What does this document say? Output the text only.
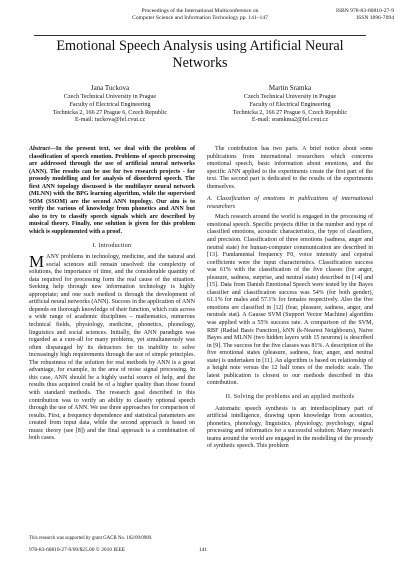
Proceedings of the International Multiconference on
Computer Science and Information Technology pp. 141–147
ISBN 978-83-60810-27-9
ISSN 1896-7094
Emotional Speech Analysis using Artificial Neural Networks
Jana Tuckova
Czech Technical University in Prague
Faculty of Electrical Engineering
Technicka 2, 166 27 Prague 6, Czech Republic
E-mail: tuckova@fel.cvut.cz
Martin Sramka
Czech Technical University in Prague
Faculty of Electrical Engineering
Technicka 2, 166 27 Prague 6, Czech Republic
E-mail: sramkma2@fel.cvut.cz
Abstract—In the present text, we deal with the problem of classification of speech emotion. Problems of speech processing are addressed through the use of artificial neural networks (ANN). The results can be use for two research projects - for prosody modelling and for analysis of disordered speech. The first ANN topology discussed is the multilayer neural network (MLNN) with the BPG learning algorithm, while the supervised SOM (SSOM) are the second ANN topology. Our aim is to verify the various of knowledge from phonetics and ANN but also to try to classify speech signals which are described by musical theory. Finally, one solution is given for this problem which is supplemented with a proof.
I. Introduction

MANY problems in technology, medicine, and the natural and social sciences still remain unsolved: the complexity of solutions, the importance of time, and the considerable quantity of data required for processing form the real cause of the situation. Seeking help through new information technology is highly appropriate; and one such method is through the development of artificial neural networks (ANN). Success in the application of ANN depends on thorough knowledge of their function, which cuts across a wide range of academic disciplines – mathematics, numerous technical fields, physiology, medicine, phonetics, phonology, linguistics and social sciences. Initially, the ANN paradigm was regarded as a cure-all for many problems, yet simultaneously was often disparaged by its detractors for its inability to solve increasingly high requirements through the use of simple principles. The robustness of the solution for real methods by ANN is a great advantage, for example, in the area of noise signal processing. In this case, ANN should be a highly useful source of help, and the results thus acquired could be of a higher quality than those found with standard methods. The research goal described in this contribution was to verify an ability to classify optional speech through the use of ANN. We use three approaches for comparison of results. First, a frequency dependence and statistical parameters are created from input data, while the second approach is based on music theory (see [8]) and the final approach is a combination of both cases.

The contribution has two parts. A brief notice about some publications from international researchers which concerns emotional speech, basic information about emotions, and the specific ANN applied to the experiments create the first part of the text. The second part is dedicated to the results of the experiments themselves.

A. Classification of emotions in publications of international researchers

Much research around the world is engaged in the processing of emotional speech. Specific projects differ in the number and type of classified emotions, acoustic characteristics, the type of classifiers, and precision. Classification of three emotions (sadness, anger and neutral state) for human-computer communication are described in [13]. Fundamental frequency F0, voice intensity and cepstral coefficients were the input characteristics. Classification success was 61% with the classification of the five classes (for anger, pleasure, sadness, surprise, and neutral state) described in [14] and [15]. Data from Danish Emotional Speech were tested by the Bayes classifier and classification success was 54% (for both gender), 61.1% for males and 57.1% for females respectively. Also the five emotions are classified in [12] (fear, pleasure, sadness, anger, and neutrale stat). A Gausse SVM (Support Vector Machine) algorithm was applied with a 55% success rate. A comparison of the SVM, RBF (Radial Basis Function), kNN (k-Nearest Neighbours), Naive Bayes and MLNN (two hidden layers with 15 neurons) is described in [9]. The success for the five classes was 81%. A description of the five emotional states (pleasure, sadness, fear, anger, and neutral state) is undertaken in [11]. An algorithm is based on relationship of a height note versus the 12 half tones of the melodic scale. The latest publication is closest to our methods described in this contribution.

II. Solving the problems and an applied methods

Automatic speech synthesis is an interdisciplinary part of artificial intelligence, drawing upon knowledge from acoustics, phonetics, phonology, linguistics, physiology, psychology, signal processing and informatics for a successful solution. Many research teams around the world are engaged in the modelling of the prosody of synthetic speech. This problem

This research was supported by grant GACR No. 102/09/0989.
978-83-60810-27-9/09/$25.00 © 2010 IEEE	141
